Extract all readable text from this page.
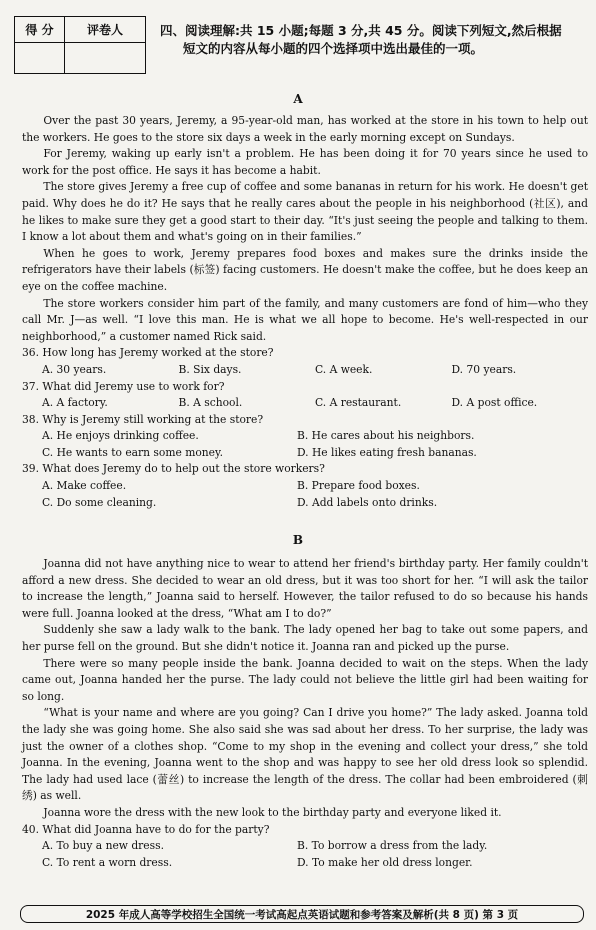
得 分	评卷人	四、阅读理解:共 15 小题;每题 3 分,共 45 分。阅读下列短文,然后根据
短文的内容从每小题的四个选择项中选出最佳的一项。
A

Over the past 30 years, Jeremy, a 95-year-old man, has worked at the store in his town to help out the workers. He goes to the store six days a week in the early morning except on Sundays.

For Jeremy, waking up early isn't a problem. He has been doing it for 70 years since he used to work for the post office. He says it has become a habit.

The store gives Jeremy a free cup of coffee and some bananas in return for his work. He doesn't get paid. Why does he do it? He says that he really cares about the people in his neighborhood (社区), and he likes to make sure they get a good start to their day. “It's just seeing the people and talking to them. I know a lot about them and what's going on in their families.”

When he goes to work, Jeremy prepares food boxes and makes sure the drinks inside the refrigerators have their labels (标签) facing customers. He doesn't make the coffee, but he does keep an eye on the coffee machine.

The store workers consider him part of the family, and many customers are fond of him—who they call Mr. J—as well. “I love this man. He is what we all hope to become. He's well-respected in our neighborhood,” a customer named Rick said.

36. How long has Jeremy worked at the store?
A. 30 years.	B. Six days.	C. A week.	D. 70 years.
37. What did Jeremy use to work for?
A. A factory.	B. A school.	C. A restaurant.	D. A post office.
38. Why is Jeremy still working at the store?
A. He enjoys drinking coffee.	B. He cares about his neighbors.
C. He wants to earn some money.	D. He likes eating fresh bananas.
39. What does Jeremy do to help out the store workers?
A. Make coffee.	B. Prepare food boxes.
C. Do some cleaning.	D. Add labels onto drinks.
B

Joanna did not have anything nice to wear to attend her friend's birthday party. Her family couldn't afford a new dress. She decided to wear an old dress, but it was too short for her. “I will ask the tailor to increase the length,” Joanna said to herself. However, the tailor refused to do so because his hands were full. Joanna looked at the dress, “What am I to do?”

Suddenly she saw a lady walk to the bank. The lady opened her bag to take out some papers, and her purse fell on the ground. But she didn't notice it. Joanna ran and picked up the purse.

There were so many people inside the bank. Joanna decided to wait on the steps. When the lady came out, Joanna handed her the purse. The lady could not believe the little girl had been waiting for so long.

“What is your name and where are you going? Can I drive you home?” The lady asked. Joanna told the lady she was going home. She also said she was sad about her dress. To her surprise, the lady was just the owner of a clothes shop. “Come to my shop in the evening and collect your dress,” she told Joanna. In the evening, Joanna went to the shop and was happy to see her old dress look so splendid. The lady had used lace (蕾丝) to increase the length of the dress. The collar had been embroidered (刺绣) as well.

Joanna wore the dress with the new look to the birthday party and everyone liked it.

40. What did Joanna have to do for the party?
A. To buy a new dress.	B. To borrow a dress from the lady.
C. To rent a worn dress.	D. To make her old dress longer.
2025 年成人高等学校招生全国统一考试高起点英语试题和参考答案及解析(共 8 页) 第 3 页
